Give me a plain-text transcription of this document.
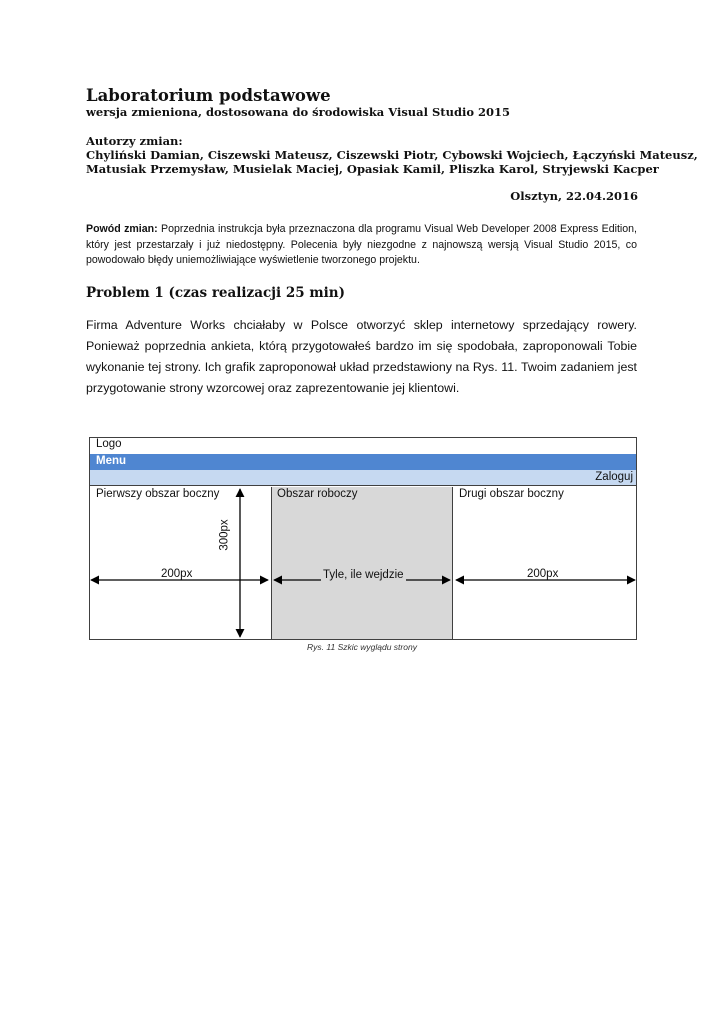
Laboratorium podstawowe
wersja zmieniona, dostosowana do środowiska Visual Studio 2015
Autorzy zmian:
Chyliński Damian, Ciszewski Mateusz, Ciszewski Piotr, Cybowski Wojciech, Łączyński Mateusz,
Matusiak Przemysław, Musielak Maciej, Opasiak Kamil, Pliszka Karol, Stryjewski Kacper
Olsztyn, 22.04.2016
Powód zmian: Poprzednia instrukcja była przeznaczona dla programu Visual Web Developer 2008 Express Edition, który jest przestarzały i już niedostępny. Polecenia były niezgodne z najnowszą wersją Visual Studio 2015, co powodowało błędy uniemożliwiające wyświetlenie tworzonego projektu.
Problem 1 (czas realizacji 25 min)
Firma Adventure Works chciałaby w Polsce otworzyć sklep internetowy sprzedający rowery. Ponieważ poprzednia ankieta, którą przygotowałeś bardzo im się spodobała, zaproponowali Tobie wykonanie tej strony. Ich grafik zaproponował układ przedstawiony na Rys. 11. Twoim zadaniem jest przygotowanie strony wzorcowej oraz zaprezentowanie jej klientowi.
Logo
Menu
Zaloguj
Pierwszy obszar boczny	Obszar roboczy	Drugi obszar boczny
200px	Tyle, ile wejdzie	200px
300px
Rys. 11 Szkic wyglądu strony
